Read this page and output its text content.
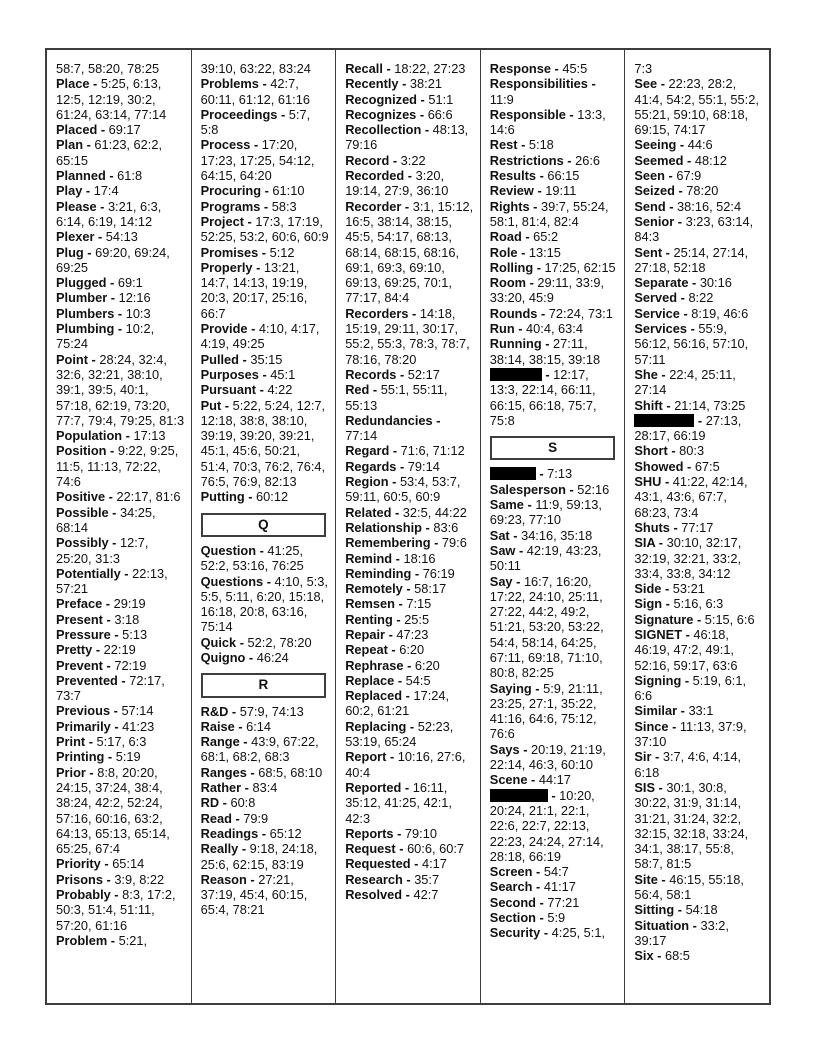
58:7, 58:20, 78:25
Place - 5:25, 6:13, 12:5, 12:19, 30:2, 61:24, 63:14, 77:14
Placed - 69:17
Plan - 61:23, 62:2, 65:15
Planned - 61:8
Play - 17:4
Please - 3:21, 6:3, 6:14, 6:19, 14:12
Plexer - 54:13
Plug - 69:20, 69:24, 69:25
Plugged - 69:1
Plumber - 12:16
Plumbers - 10:3
Plumbing - 10:2, 75:24
Point - 28:24, 32:4, 32:6, 32:21, 38:10, 39:1, 39:5, 40:1, 57:18, 62:19, 73:20, 77:7, 79:4, 79:25, 81:3
Population - 17:13
Position - 9:22, 9:25, 11:5, 11:13, 72:22, 74:6
Positive - 22:17, 81:6
Possible - 34:25, 68:14
Possibly - 12:7, 25:20, 31:3
Potentially - 22:13, 57:21
Preface - 29:19
Present - 3:18
Pressure - 5:13
Pretty - 22:19
Prevent - 72:19
Prevented - 72:17, 73:7
Previous - 57:14
Primarily - 41:23
Print - 5:17, 6:3
Printing - 5:19
Prior - 8:8, 20:20, 24:15, 37:24, 38:4, 38:24, 42:2, 52:24, 57:16, 60:16, 63:2, 64:13, 65:13, 65:14, 65:25, 67:4
Priority - 65:14
Prisons - 3:9, 8:22
Probably - 8:3, 17:2, 50:3, 51:4, 51:11, 57:20, 61:16
Problem - 5:21,
39:10, 63:22, 83:24
Problems - 42:7, 60:11, 61:12, 61:16
Proceedings - 5:7, 5:8
Process - 17:20, 17:23, 17:25, 54:12, 64:15, 64:20
Procuring - 61:10
Programs - 58:3
Project - 17:3, 17:19, 52:25, 53:2, 60:6, 60:9
Promises - 5:12
Properly - 13:21, 14:7, 14:13, 19:19, 20:3, 20:17, 25:16, 66:7
Provide - 4:10, 4:17, 4:19, 49:25
Pulled - 35:15
Purposes - 45:1
Pursuant - 4:22
Put - 5:22, 5:24, 12:7, 12:18, 38:8, 38:10, 39:19, 39:20, 39:21, 45:1, 45:6, 50:21, 51:4, 70:3, 76:2, 76:4, 76:5, 76:9, 82:13
Putting - 60:12
Q
Question - 41:25, 52:2, 53:16, 76:25
Questions - 4:10, 5:3, 5:5, 5:11, 6:20, 15:18, 16:18, 20:8, 63:16, 75:14
Quick - 52:2, 78:20
Quigno - 46:24
R
R&D - 57:9, 74:13
Raise - 6:14
Range - 43:9, 67:22, 68:1, 68:2, 68:3
Ranges - 68:5, 68:10
Rather - 83:4
RD - 60:8
Read - 79:9
Readings - 65:12
Really - 9:18, 24:18, 25:6, 62:15, 83:19
Reason - 27:21, 37:19, 45:4, 60:15, 65:4, 78:21
Recall - 18:22, 27:23
Recently - 38:21
Recognized - 51:1
Recognizes - 66:6
Recollection - 48:13, 79:16
Record - 3:22
Recorded - 3:20, 19:14, 27:9, 36:10
Recorder - 3:1, 15:12, 16:5, 38:14, 38:15, 45:5, 54:17, 68:13, 68:14, 68:15, 68:16, 69:1, 69:3, 69:10, 69:13, 69:25, 70:1, 77:17, 84:4
Recorders - 14:18, 15:19, 29:11, 30:17, 55:2, 55:3, 78:3, 78:7, 78:16, 78:20
Records - 52:17
Red - 55:1, 55:11, 55:13
Redundancies - 77:14
Regard - 71:6, 71:12
Regards - 79:14
Region - 53:4, 53:7, 59:11, 60:5, 60:9
Related - 32:5, 44:22
Relationship - 83:6
Remembering - 79:6
Remind - 18:16
Reminding - 76:19
Remotely - 58:17
Remsen - 7:15
Renting - 25:5
Repair - 47:23
Repeat - 6:20
Rephrase - 6:20
Replace - 54:5
Replaced - 17:24, 60:2, 61:21
Replacing - 52:23, 53:19, 65:24
Report - 10:16, 27:6, 40:4
Reported - 16:11, 35:12, 41:25, 42:1, 42:3
Reports - 79:10
Request - 60:6, 60:7
Requested - 4:17
Research - 35:7
Resolved - 42:7
Response - 45:5
Responsibilities - 11:9
Responsible - 13:3, 14:6
Rest - 5:18
Restrictions - 26:6
Results - 66:15
Review - 19:11
Rights - 39:7, 55:24, 58:1, 81:4, 82:4
Road - 65:2
Role - 13:15
Rolling - 17:25, 62:15
Room - 29:11, 33:9, 33:20, 45:9
Rounds - 72:24, 73:1
Run - 40:4, 63:4
Running - 27:11, 38:14, 38:15, 39:18
- 12:17, 13:3, 22:14, 66:11, 66:15, 66:18, 75:7, 75:8
S
- 7:13
Salesperson - 52:16
Same - 11:9, 59:13, 69:23, 77:10
Sat - 34:16, 35:18
Saw - 42:19, 43:23, 50:11
Say - 16:7, 16:20, 17:22, 24:10, 25:11, 27:22, 44:2, 49:2, 51:21, 53:20, 53:22, 54:4, 58:14, 64:25, 67:11, 69:18, 71:10, 80:8, 82:25
Saying - 5:9, 21:11, 23:25, 27:1, 35:22, 41:16, 64:6, 75:12, 76:6
Says - 20:19, 21:19, 22:14, 46:3, 60:10
Scene - 44:17
- 10:20, 20:24, 21:1, 22:1, 22:6, 22:7, 22:13, 22:23, 24:24, 27:14, 28:18, 66:19
Screen - 54:7
Search - 41:17
Second - 77:21
Section - 5:9
Security - 4:25, 5:1,
7:3
See - 22:23, 28:2, 41:4, 54:2, 55:1, 55:2, 55:21, 59:10, 68:18, 69:15, 74:17
Seeing - 44:6
Seemed - 48:12
Seen - 67:9
Seized - 78:20
Send - 38:16, 52:4
Senior - 3:23, 63:14, 84:3
Sent - 25:14, 27:14, 27:18, 52:18
Separate - 30:16
Served - 8:22
Service - 8:19, 46:6
Services - 55:9, 56:12, 56:16, 57:10, 57:11
She - 22:4, 25:11, 27:14
Shift - 21:14, 73:25
- 27:13, 28:17, 66:19
Short - 80:3
Showed - 67:5
SHU - 41:22, 42:14, 43:1, 43:6, 67:7, 68:23, 73:4
Shuts - 77:17
SIA - 30:10, 32:17, 32:19, 32:21, 33:2, 33:4, 33:8, 34:12
Side - 53:21
Sign - 5:16, 6:3
Signature - 5:15, 6:6
SIGNET - 46:18, 46:19, 47:2, 49:1, 52:16, 59:17, 63:6
Signing - 5:19, 6:1, 6:6
Similar - 33:1
Since - 11:13, 37:9, 37:10
Sir - 3:7, 4:6, 4:14, 6:18
SIS - 30:1, 30:8, 30:22, 31:9, 31:14, 31:21, 31:24, 32:2, 32:15, 32:18, 33:24, 34:1, 38:17, 55:8, 58:7, 81:5
Site - 46:15, 55:18, 56:4, 58:1
Sitting - 54:18
Situation - 33:2, 39:17
Six - 68:5
